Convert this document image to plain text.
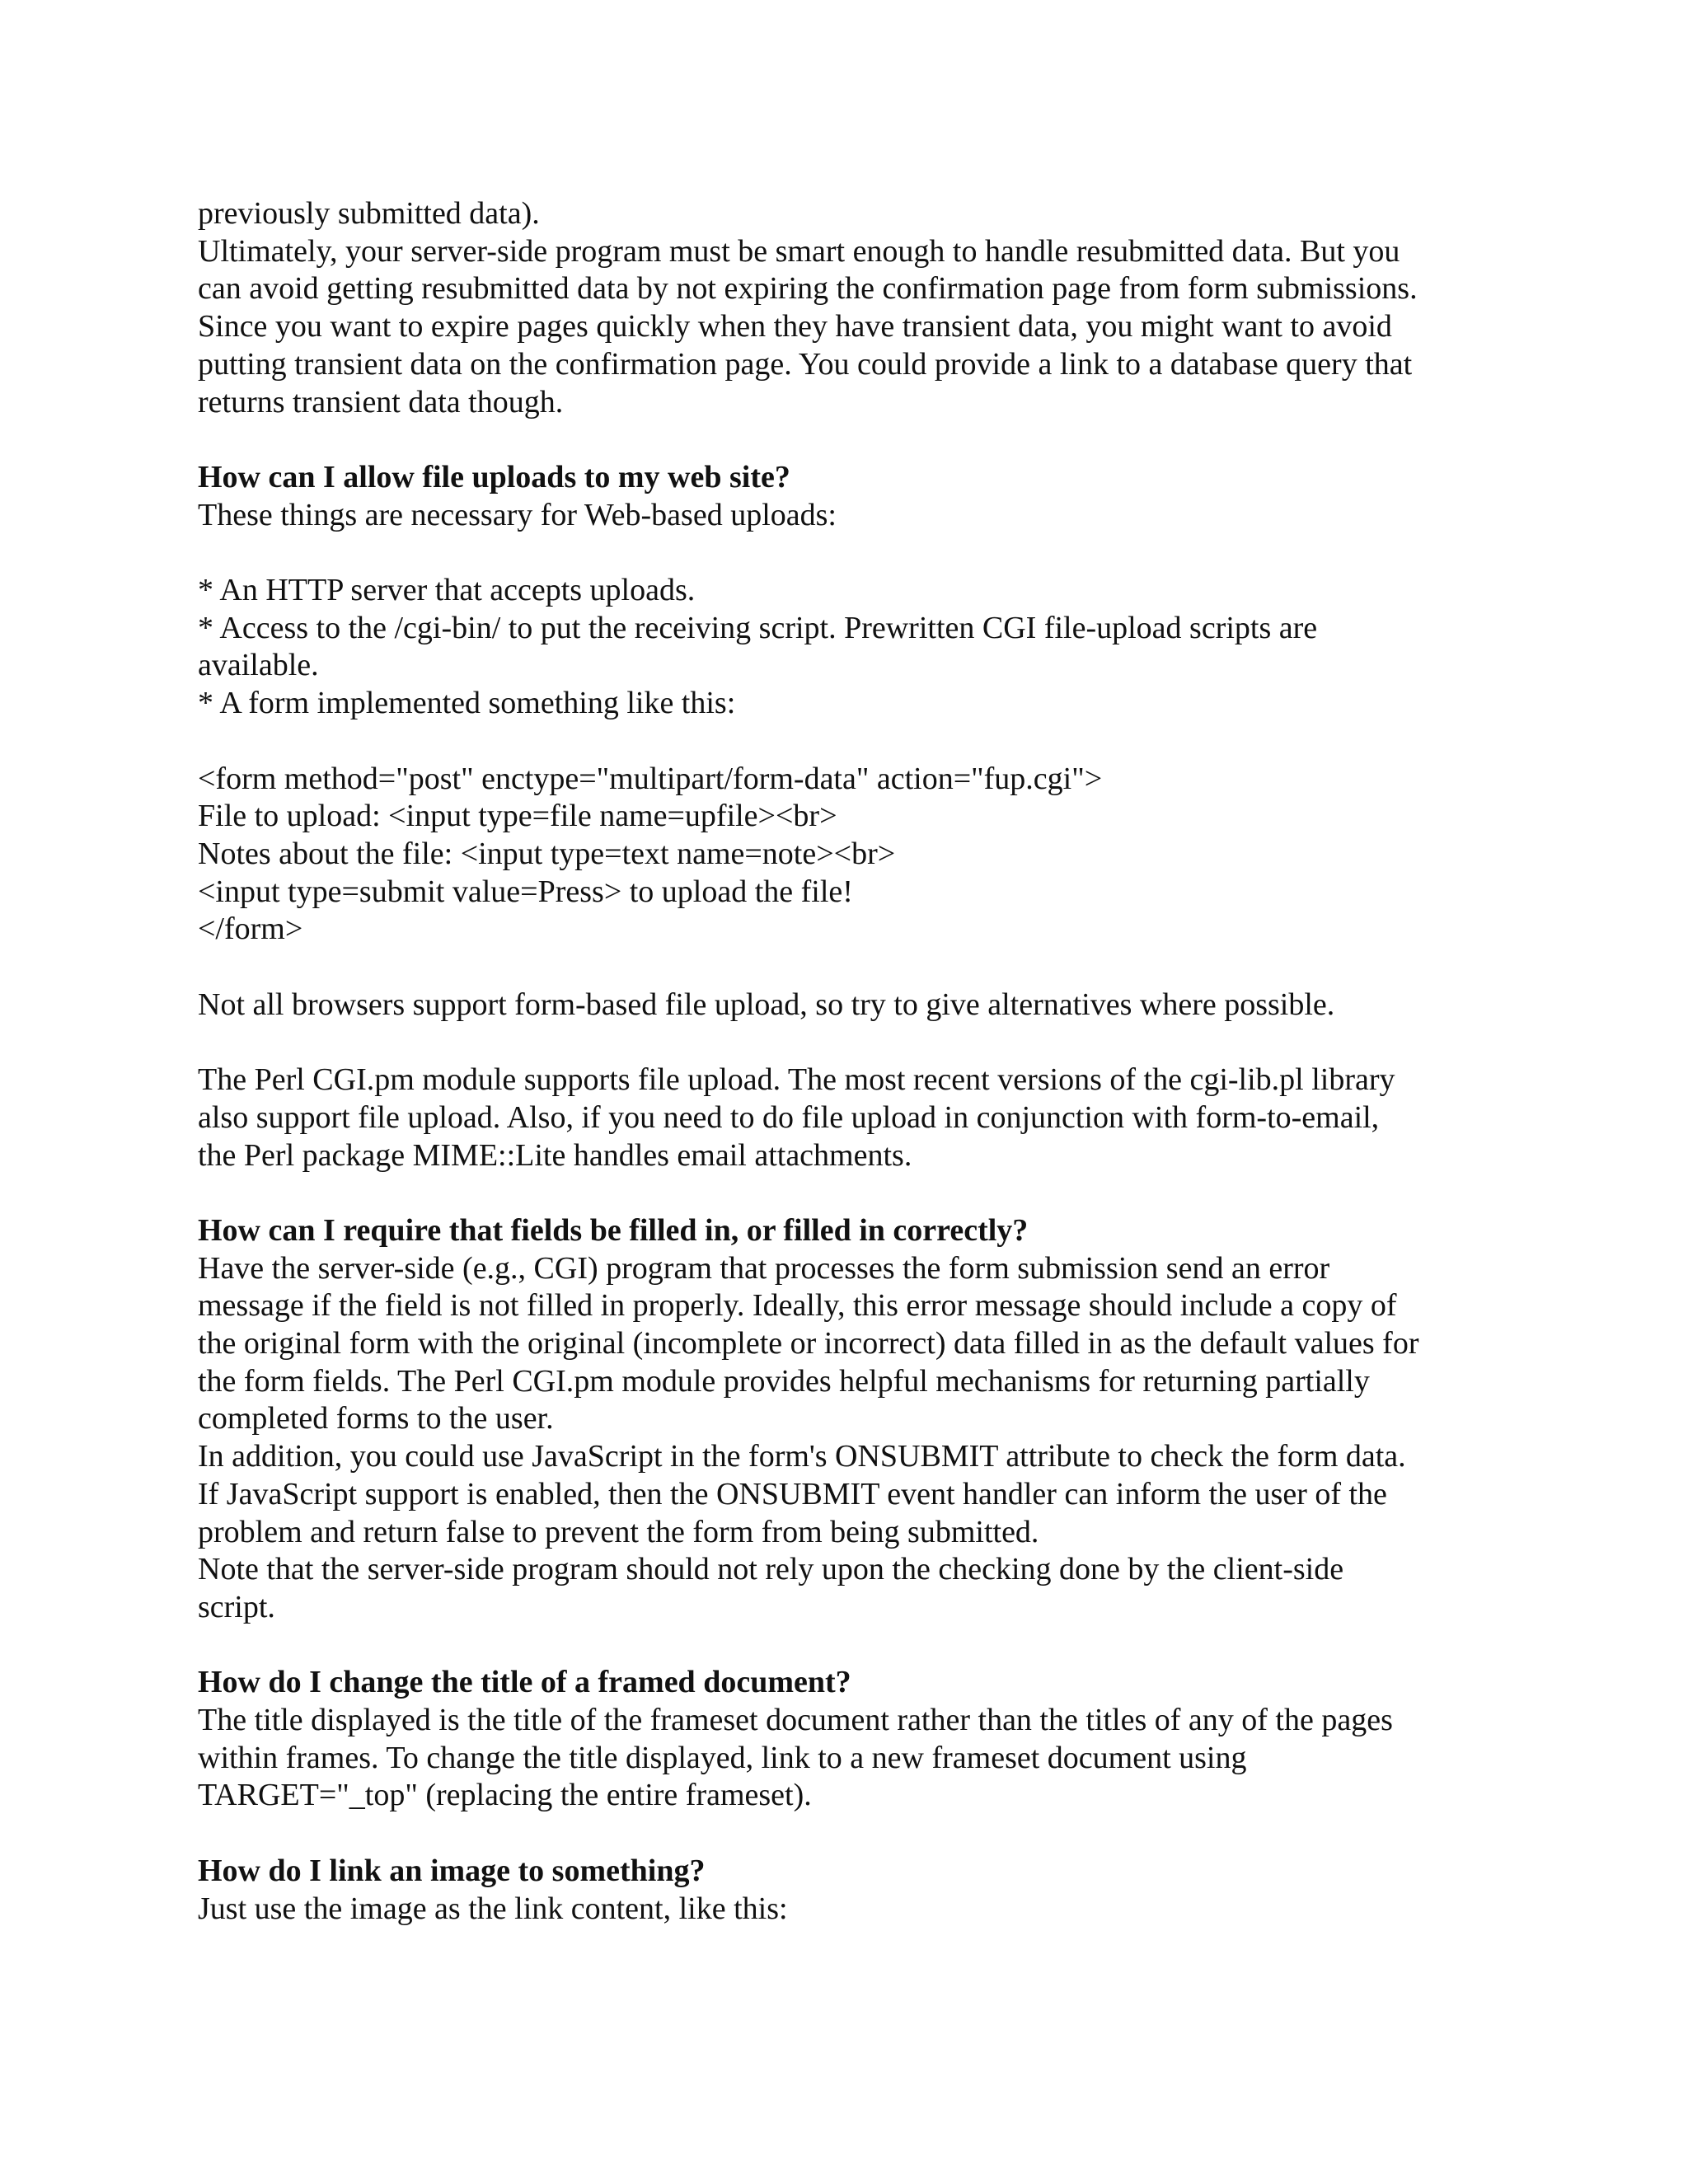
previously submitted data).
Ultimately, your server-side program must be smart enough to handle resubmitted data. But you
can avoid getting resubmitted data by not expiring the confirmation page from form submissions.
Since you want to expire pages quickly when they have transient data, you might want to avoid
putting transient data on the confirmation page. You could provide a link to a database query that
returns transient data though.
How can I allow file uploads to my web site?
These things are necessary for Web-based uploads:
* An HTTP server that accepts uploads.
* Access to the /cgi-bin/ to put the receiving script. Prewritten CGI file-upload scripts are
available.
* A form implemented something like this:
<form method="post" enctype="multipart/form-data" action="fup.cgi">
File to upload: <input type=file name=upfile><br>
Notes about the file: <input type=text name=note><br>
<input type=submit value=Press> to upload the file!
</form>
Not all browsers support form-based file upload, so try to give alternatives where possible.
The Perl CGI.pm module supports file upload. The most recent versions of the cgi-lib.pl library
also support file upload. Also, if you need to do file upload in conjunction with form-to-email,
the Perl package MIME::Lite handles email attachments.
How can I require that fields be filled in, or filled in correctly?
Have the server-side (e.g., CGI) program that processes the form submission send an error
message if the field is not filled in properly. Ideally, this error message should include a copy of
the original form with the original (incomplete or incorrect) data filled in as the default values for
the form fields. The Perl CGI.pm module provides helpful mechanisms for returning partially
completed forms to the user.
In addition, you could use JavaScript in the form's ONSUBMIT attribute to check the form data.
If JavaScript support is enabled, then the ONSUBMIT event handler can inform the user of the
problem and return false to prevent the form from being submitted.
Note that the server-side program should not rely upon the checking done by the client-side
script.
How do I change the title of a framed document?
The title displayed is the title of the frameset document rather than the titles of any of the pages
within frames. To change the title displayed, link to a new frameset document using
TARGET="_top" (replacing the entire frameset).
How do I link an image to something?
Just use the image as the link content, like this:
